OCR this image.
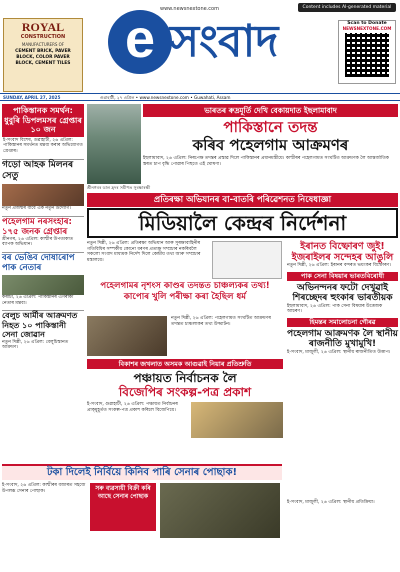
www.newsnextone.com	Content includes AI-generated material
e সংবাদ	Scan to Donate
NEWSNEXTONE.COM
ROYAL
CONSTRUCTION
MANUFACTURERS OF
CEMENT BRICK, PAVER BLOCK, COLOR PAVER BLOCK, CEMENT TILES
SUNDAY, APRIL 27, 2025	গুৱাহাটী, ২৭ এপ্ৰিল • www.newsnextone.com • Guwahati, Assam
পাকিস্তানক সমৰ্থন: ধুবুৰি ডিপলমসৰ গ্ৰেপ্তাৰ ১০ জন
ই-সংবাদ বিশেষ, গুৱাহাটী, ২৬ এপ্ৰিল: পাকিস্তানৰ সমৰ্থনত মন্তব্য কৰাৰ অভিযোগত গ্ৰেপ্তাৰ।
গড়ো আহক মিলনৰ সেতু
নতুন প্ৰজন্মৰ বাবে এক নতুন উদ্যোগ।
পহেলগাম নৰসংহাৰ: ১৭৫ জনক গ্ৰেপ্তাৰ
শ্ৰীনগৰ, ২৬ এপ্ৰিল: কাশ্মীৰ উপত্যকাত ব্যাপক অভিযান।
বৰ ভেঙিব দোষাৰোপ পাক নেতাৰ
কৰাচী, ২৬ এপ্ৰিল: পাকিস্তানৰ এগৰাকী নেতাৰ মন্তব্য।
বেলুচ আৰ্মীৰ আক্ৰমণত নিহত ১০ পাকিস্তানী সেনা জোৱান
নতুন দিল্লী, ২৬ এপ্ৰিল: বেলুচিস্তানত আক্ৰমণ।
ভাৰতৰ ৰুদ্ৰমূৰ্তি দেখি বেকায়দাত ইছলামাবাদ
পাকিস্তানে তদন্ত
কৰিব পহেলগাম আক্ৰমণৰ
ইছলামাবাদ, ২৬ এপ্ৰিল: নিৰপেক্ষ তদন্তৰ প্ৰস্তাৱ দিলে পাকিস্তানৰ প্ৰধানমন্ত্ৰীয়ে। কাশ্মীৰৰ পহেলগামত সংঘটিত আক্ৰমণক লৈ আন্তৰ্জাতিক স্তৰত চাপ বৃদ্ধি পোৱাৰ পিছতে এই ঘোষণা।
শ্ৰীনগৰৰ ডাল হ্ৰদৰ সমীপত সুৰক্ষাৰক্ষী
প্ৰতিৰক্ষা অভিযানৰ বা-বাতৰি পৰিৱেশনত নিষেধাজ্ঞা
মিডিয়ালৈ কেন্দ্ৰৰ নিৰ্দেশনা
নতুন দিল্লী, ২৬ এপ্ৰিল: প্ৰতিৰক্ষা অভিযান আৰু সুৰক্ষাবাহিনীৰ গতিবিধিৰ সম্পৰ্কীয় কোনো ধৰণৰ প্ৰত্যক্ষ সম্প্ৰচাৰ নকৰিবলৈ সকলো সংবাদ মাধ্যমক নিৰ্দেশ দিলে কেন্দ্ৰীয় তথ্য আৰু সম্প্ৰচাৰ মন্ত্ৰালয়ে।
পহেলগামৰ নৃশংস কাণ্ডৰ তদন্তত চাঞ্চল্যকৰ তথ্য! কাপোৰ খুলি পৰীক্ষা কৰা হৈছিল ধৰ্ম
নতুন দিল্লী, ২৬ এপ্ৰিল: পহেলগামত সংঘটিত আক্ৰমণৰ তদন্তত চাঞ্চল্যকৰ তথ্য উদ্ঘাটন।
বিকাশৰ জখলাত অসমক আগুৱাই নিয়াৰ প্ৰতিশ্ৰুতি
পঞ্চায়ত নিৰ্বাচনক লৈ
বিজেপিৰ সংকল্প-পত্ৰ প্ৰকাশ
ই-সংবাদ, গুৱাহাটী, ২৬ এপ্ৰিল: পঞ্চায়ত নিৰ্বাচনৰ প্ৰাক্‌মুহূৰ্তত সংকল্প-পত্ৰ প্ৰকাশ কৰিলে বিজেপিয়ে।
ইৰানত বিষ্ফোৰণ জুই! ইজৰাইলৰ সন্দেহৰ আঙুলি
নতুন দিল্লী, ২৬ এপ্ৰিল: ইৰানৰ বন্দৰত ভয়ংকৰ বিষ্ফোৰণ।
পাক সেনা বিষয়াৰ ভাৰতবিৰোধী
অভিনন্দনৰ ফটো দেখুৱাই শিৰচ্ছেদৰ হুংকাৰ ভাৰতীয়ক
ইছলামাবাদ, ২৬ এপ্ৰিল: পাক সেনা বিষয়াৰ উত্তেজক আচৰণ।
হিমন্তৰ সমালোচনা গৌৰৱ
পহেলগাম আক্ৰমণক লৈ স্থানীয় ৰাজনীতি মুখামুখি!
ই-সংবাদ, মাজুলী, ২৬ এপ্ৰিল: স্থানীয় ৰাজনীতিত উত্তাপ।
টকা দিলেই নিৰ্বিয়ে কিনিব পাৰি সেনাৰ পোছাক!
ই-সংবাদ, ২৬ এপ্ৰিল: কাশ্মীৰৰ বজাৰত সহজে উপলব্ধ সেনাৰ পোছাক।	সৰু ব্যৱসায়ী বিক্ৰী কৰি আছে সেনাৰ পোছাক
ই-সংবাদ, মাজুলী, ২৬ এপ্ৰিল: স্থানীয় প্ৰতিক্ৰিয়া।
